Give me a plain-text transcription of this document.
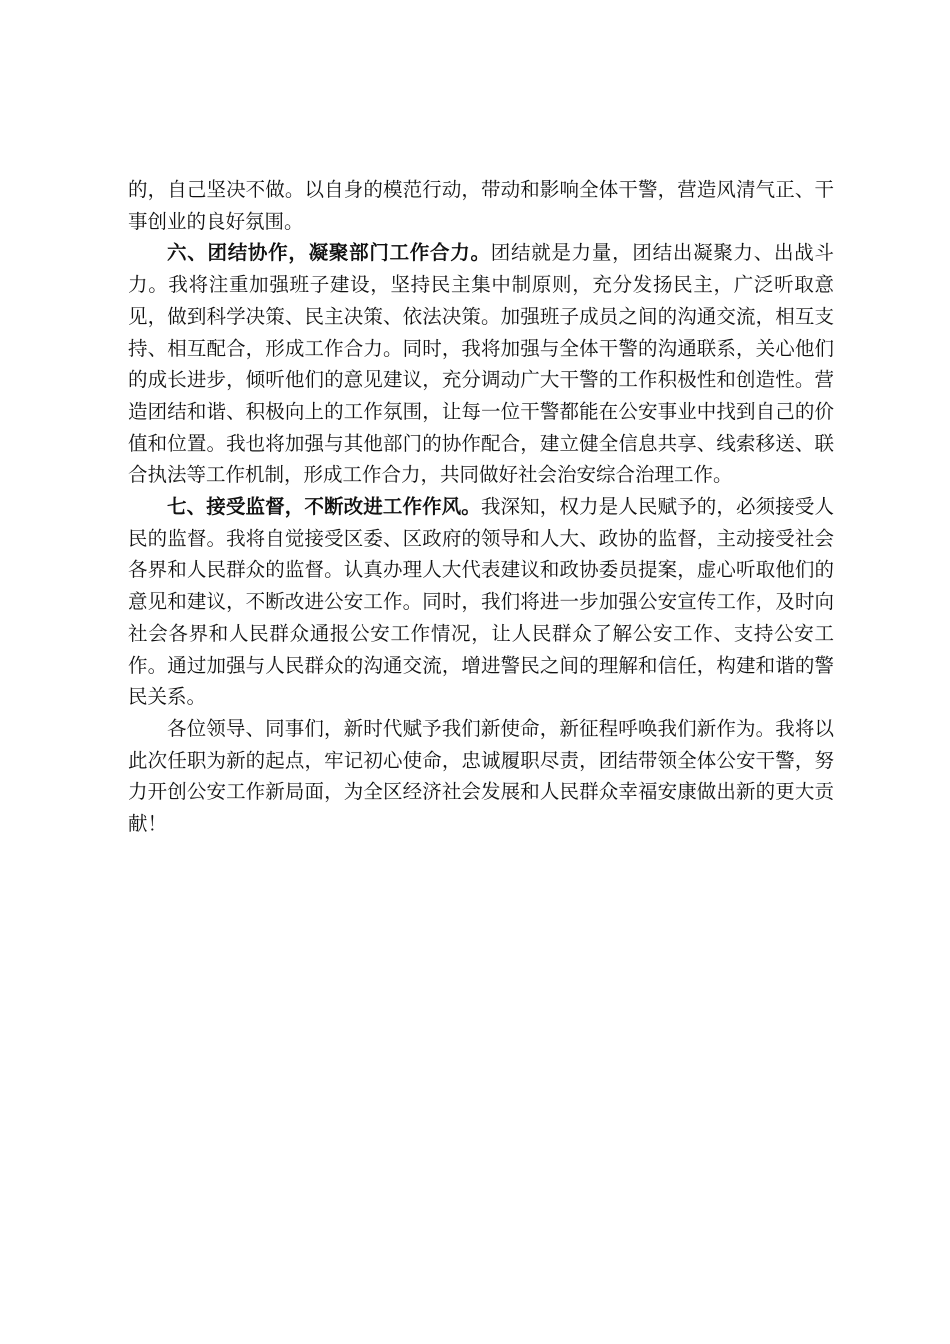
的，自己坚决不做。以自身的模范行动，带动和影响全体干警，营造风清气正、干事创业的良好氛围。

六、团结协作，凝聚部门工作合力。团结就是力量，团结出凝聚力、出战斗力。我将注重加强班子建设，坚持民主集中制原则，充分发扬民主，广泛听取意见，做到科学决策、民主决策、依法决策。加强班子成员之间的沟通交流，相互支持、相互配合，形成工作合力。同时，我将加强与全体干警的沟通联系，关心他们的成长进步，倾听他们的意见建议，充分调动广大干警的工作积极性和创造性。营造团结和谐、积极向上的工作氛围，让每一位干警都能在公安事业中找到自己的价值和位置。我也将加强与其他部门的协作配合，建立健全信息共享、线索移送、联合执法等工作机制，形成工作合力，共同做好社会治安综合治理工作。

七、接受监督，不断改进工作作风。我深知，权力是人民赋予的，必须接受人民的监督。我将自觉接受区委、区政府的领导和人大、政协的监督，主动接受社会各界和人民群众的监督。认真办理人大代表建议和政协委员提案，虚心听取他们的意见和建议，不断改进公安工作。同时，我们将进一步加强公安宣传工作，及时向社会各界和人民群众通报公安工作情况，让人民群众了解公安工作、支持公安工作。通过加强与人民群众的沟通交流，增进警民之间的理解和信任，构建和谐的警民关系。

各位领导、同事们，新时代赋予我们新使命，新征程呼唤我们新作为。我将以此次任职为新的起点，牢记初心使命，忠诚履职尽责，团结带领全体公安干警，努力开创公安工作新局面，为全区经济社会发展和人民群众幸福安康做出新的更大贡献！
